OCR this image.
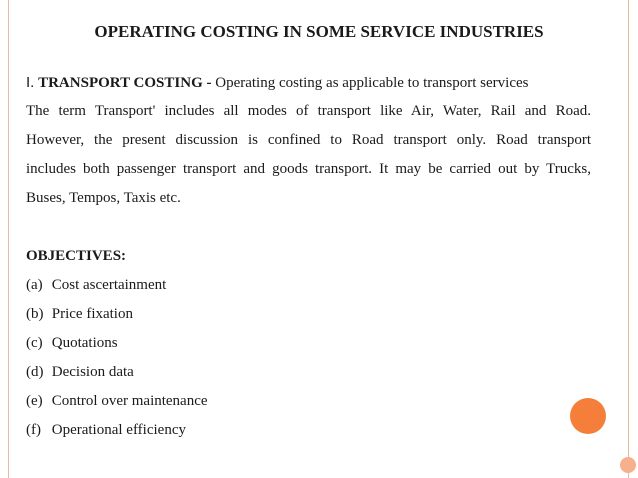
OPERATING COSTING IN SOME SERVICE INDUSTRIES
I. TRANSPORT COSTING - Operating costing as applicable to transport services
The term Transport' includes all modes of transport like Air, Water, Rail and Road.
However, the present discussion is confined to Road transport only. Road transport
includes both passenger transport and goods transport. It may be carried out by Trucks,
Buses, Tempos, Taxis etc.
OBJECTIVES:
(a) Cost ascertainment
(b) Price fixation
(c) Quotations
(d) Decision data
(e) Control over maintenance
(f) Operational efficiency
